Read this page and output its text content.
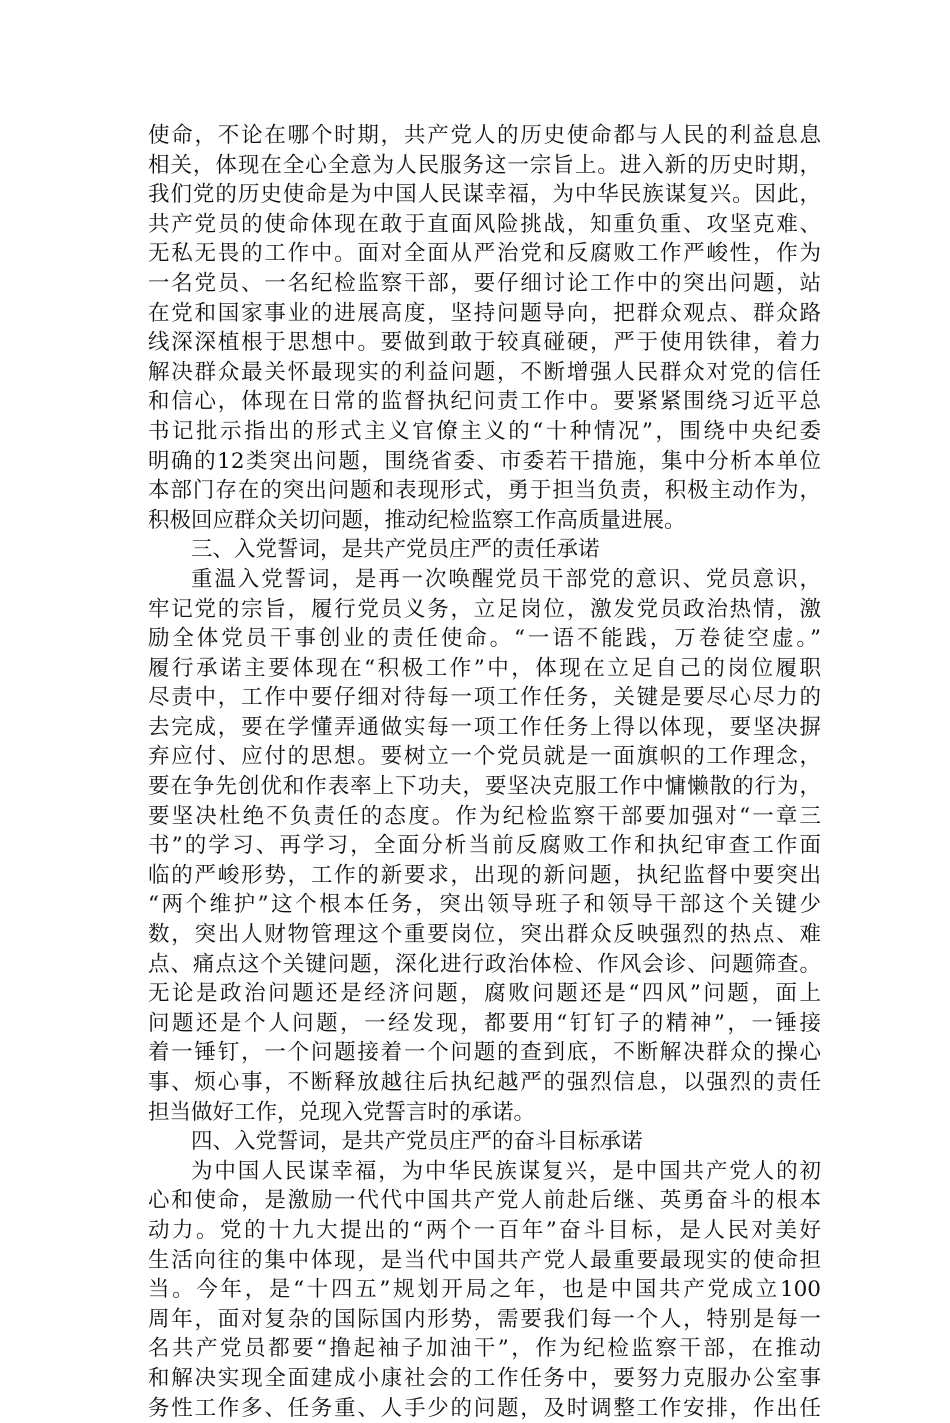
使命，不论在哪个时期，共产党人的历史使命都与人民的利益息息
相关，体现在全心全意为人民服务这一宗旨上。进入新的历史时期，
我们党的历史使命是为中国人民谋幸福，为中华民族谋复兴。因此，
共产党员的使命体现在敢于直面风险挑战，知重负重、攻坚克难、
无私无畏的工作中。面对全面从严治党和反腐败工作严峻性，作为
一名党员、一名纪检监察干部，要仔细讨论工作中的突出问题，站
在党和国家事业的进展高度，坚持问题导向，把群众观点、群众路
线深深植根于思想中。要做到敢于较真碰硬，严于使用铁律，着力
解决群众最关怀最现实的利益问题，不断增强人民群众对党的信任
和信心，体现在日常的监督执纪问责工作中。要紧紧围绕习近平总
书记批示指出的形式主义官僚主义的“十种情况”，围绕中央纪委
明确的12类突出问题，围绕省委、市委若干措施，集中分析本单位
本部门存在的突出问题和表现形式，勇于担当负责，积极主动作为，
积极回应群众关切问题，推动纪检监察工作高质量进展。
三、入党誓词，是共产党员庄严的责任承诺
重温入党誓词，是再一次唤醒党员干部党的意识、党员意识，
牢记党的宗旨，履行党员义务，立足岗位，激发党员政治热情，激
励全体党员干事创业的责任使命。“一语不能践，万卷徒空虚。”
履行承诺主要体现在“积极工作”中，体现在立足自己的岗位履职
尽责中，工作中要仔细对待每一项工作任务，关键是要尽心尽力的
去完成，要在学懂弄通做实每一项工作任务上得以体现，要坚决摒
弃应付、应付的思想。要树立一个党员就是一面旗帜的工作理念，
要在争先创优和作表率上下功夫，要坚决克服工作中慵懒散的行为，
要坚决杜绝不负责任的态度。作为纪检监察干部要加强对“一章三
书”的学习、再学习，全面分析当前反腐败工作和执纪审查工作面
临的严峻形势，工作的新要求，出现的新问题，执纪监督中要突出
“两个维护”这个根本任务，突出领导班子和领导干部这个关键少
数，突出人财物管理这个重要岗位，突出群众反映强烈的热点、难
点、痛点这个关键问题，深化进行政治体检、作风会诊、问题筛查。
无论是政治问题还是经济问题，腐败问题还是“四风”问题，面上
问题还是个人问题，一经发现，都要用“钉钉子的精神”，一锤接
着一锤钉，一个问题接着一个问题的查到底，不断解决群众的操心
事、烦心事，不断释放越往后执纪越严的强烈信息，以强烈的责任
担当做好工作，兑现入党誓言时的承诺。
四、入党誓词，是共产党员庄严的奋斗目标承诺
为中国人民谋幸福，为中华民族谋复兴，是中国共产党人的初
心和使命，是激励一代代中国共产党人前赴后继、英勇奋斗的根本
动力。党的十九大提出的“两个一百年”奋斗目标，是人民对美好
生活向往的集中体现，是当代中国共产党人最重要最现实的使命担
当。今年，是“十四五”规划开局之年，也是中国共产党成立100
周年，面对复杂的国际国内形势，需要我们每一个人，特别是每一
名共产党员都要“撸起袖子加油干”，作为纪检监察干部，在推动
和解决实现全面建成小康社会的工作任务中，要努力克服办公室事
务性工作多、任务重、人手少的问题，及时调整工作安排，作出任
